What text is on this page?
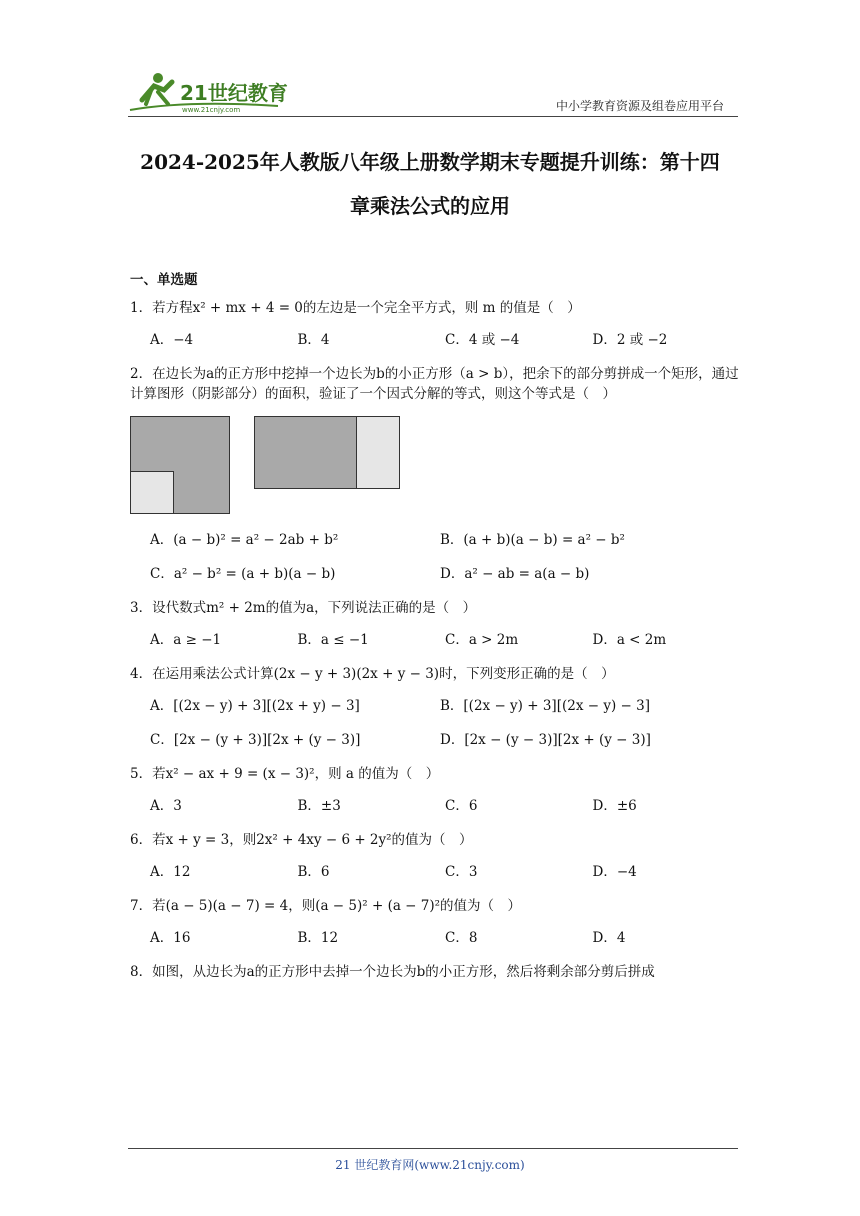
21世纪教育
www.21cnjy.com	中小学教育资源及组卷应用平台
2024-2025年人教版八年级上册数学期末专题提升训练：第十四
章乘法公式的应用
一、单选题
1．若方程x² + mx + 4 = 0的左边是一个完全平方式，则 m 的值是（　）
A．−4	B．4	C．4 或 −4	D．2 或 −2
2．在边长为a的正方形中挖掉一个边长为b的小正方形（a > b），把余下的部分剪拼成一个矩形，通过计算图形（阴影部分）的面积，验证了一个因式分解的等式，则这个等式是（　）
A．(a − b)² = a² − 2ab + b²	B．(a + b)(a − b) = a² − b²
C．a² − b² = (a + b)(a − b)	D．a² − ab = a(a − b)
3．设代数式m² + 2m的值为a，下列说法正确的是（　）
A．a ≥ −1	B．a ≤ −1	C．a > 2m	D．a < 2m
4．在运用乘法公式计算(2x − y + 3)(2x + y − 3)时，下列变形正确的是（　）
A．[(2x − y) + 3][(2x + y) − 3]	B．[(2x − y) + 3][(2x − y) − 3]
C．[2x − (y + 3)][2x + (y − 3)]	D．[2x − (y − 3)][2x + (y − 3)]
5．若x² − ax + 9 = (x − 3)²，则 a 的值为（　）
A．3	B．±3	C．6	D．±6
6．若x + y = 3，则2x² + 4xy − 6 + 2y²的值为（　）
A．12	B．6	C．3	D．−4
7．若(a − 5)(a − 7) = 4，则(a − 5)² + (a − 7)²的值为（　）
A．16	B．12	C．8	D．4
8．如图，从边长为a的正方形中去掉一个边长为b的小正方形，然后将剩余部分剪后拼成
21 世纪教育网(www.21cnjy.com)
